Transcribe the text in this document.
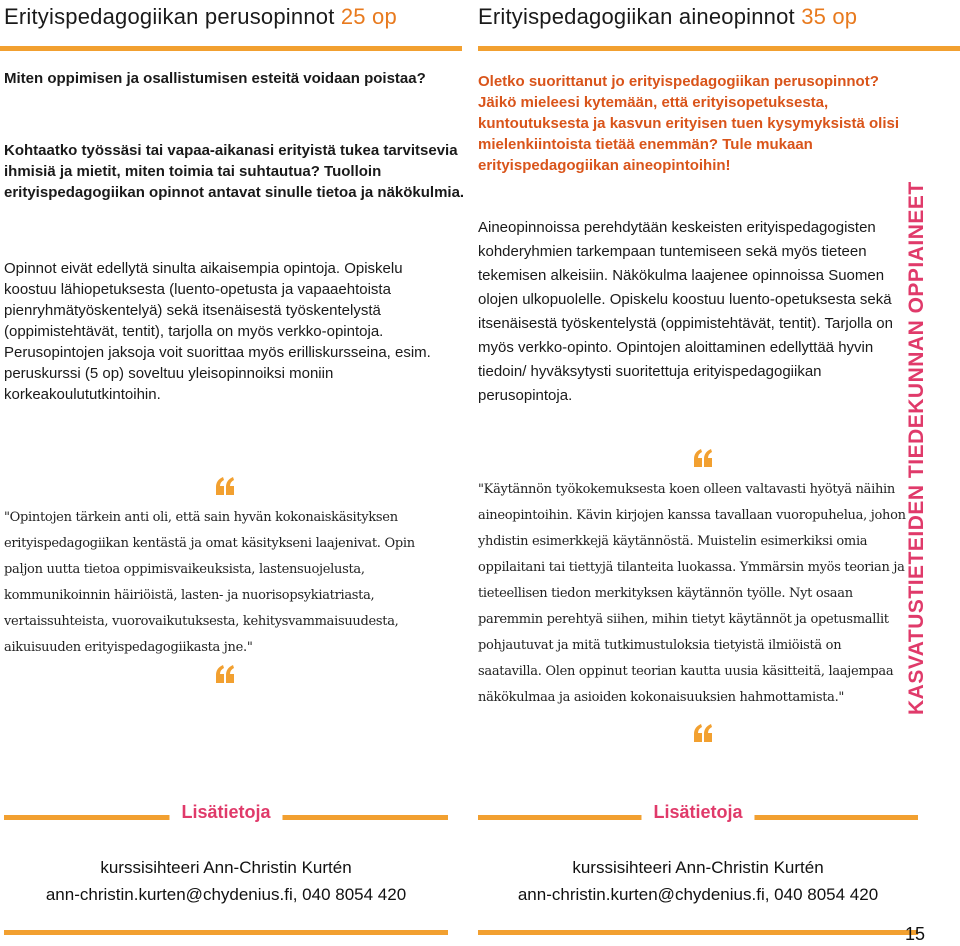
Erityispedagogiikan perusopinnot 25 op
Miten oppimisen ja osallistumisen esteitä voidaan poistaa?
Kohtaatko työssäsi tai vapaa-aikanasi erityistä tukea tarvitsevia ihmisiä ja mietit, miten toimia tai suhtautua? Tuolloin erityispedagogiikan opinnot antavat sinulle tietoa ja näkökulmia.
Opinnot eivät edellytä sinulta aikaisempia opintoja. Opiskelu koostuu lähiopetuksesta (luento-opetusta ja vapaaehtoista pienryhmätyöskentelyä) sekä itsenäisestä työskentelystä (oppimistehtävät, tentit), tarjolla on myös verkko-opintoja. Perusopintojen jaksoja voit suorittaa myös erilliskursseina, esim. peruskurssi (5 op) soveltuu yleisopinnoiksi moniin korkeakoulututkintoihin.
"Opintojen tärkein anti oli, että sain hyvän kokonaiskäsityksen erityispedagogiikan kentästä ja omat käsitykseni laajenivat. Opin paljon uutta tietoa oppimisvaikeuksista, lastensuojelusta, kommunikoinnin häiriöistä, lasten- ja nuorisopsykiatriasta, vertaissuhteista, vuorovaikutuksesta, kehitysvammaisuudesta, aikuisuuden erityispedagogiikasta jne."
Lisätietoja
kurssisihteeri Ann-Christin Kurtén
ann-christin.kurten@chydenius.fi, 040 8054 420
Erityispedagogiikan aineopinnot 35 op
Oletko suorittanut jo erityispedagogiikan perusopinnot? Jäikö mieleesi kytemään, että erityisopetuksesta, kuntoutuksesta ja kasvun erityisen tuen kysymyksistä olisi mielenkiintoista tietää enemmän? Tule mukaan erityispedagogiikan aineopintoihin!
Aineopinnoissa perehdytään keskeisten erityispedagogisten kohderyhmien tarkempaan tuntemiseen sekä myös tieteen tekemisen alkeisiin. Näkökulma laajenee opinnoissa Suomen olojen ulkopuolelle. Opiskelu koostuu luento-opetuksesta sekä itsenäisestä työskentelystä (oppimistehtävät, tentit). Tarjolla on myös verkko-opinto. Opintojen aloittaminen edellyttää hyvin tiedoin/ hyväksytysti suoritettuja erityispedagogiikan perusopintoja.
"Käytännön työkokemuksesta koen olleen valtavasti hyötyä näihin aineopintoihin. Kävin kirjojen kanssa tavallaan vuoropuhelua, johon yhdistin esimerkkejä käytännöstä. Muistelin esimerkiksi omia oppilaitani tai tiettyjä tilanteita luokassa. Ymmärsin myös teorian ja tieteellisen tiedon merkityksen käytännön työlle. Nyt osaan paremmin perehtyä siihen, mihin tietyt käytännöt ja opetusmallit pohjautuvat ja mitä tutkimustuloksia tietyistä ilmiöistä on saatavilla. Olen oppinut teorian kautta uusia käsitteitä, laajempaa näkökulmaa ja asioiden kokonaisuuksien hahmottamista."
Lisätietoja
kurssisihteeri Ann-Christin Kurtén
ann-christin.kurten@chydenius.fi, 040 8054 420
KASVATUSTIETEIDEN TIEDEKUNNAN OPPIAINEET
15
